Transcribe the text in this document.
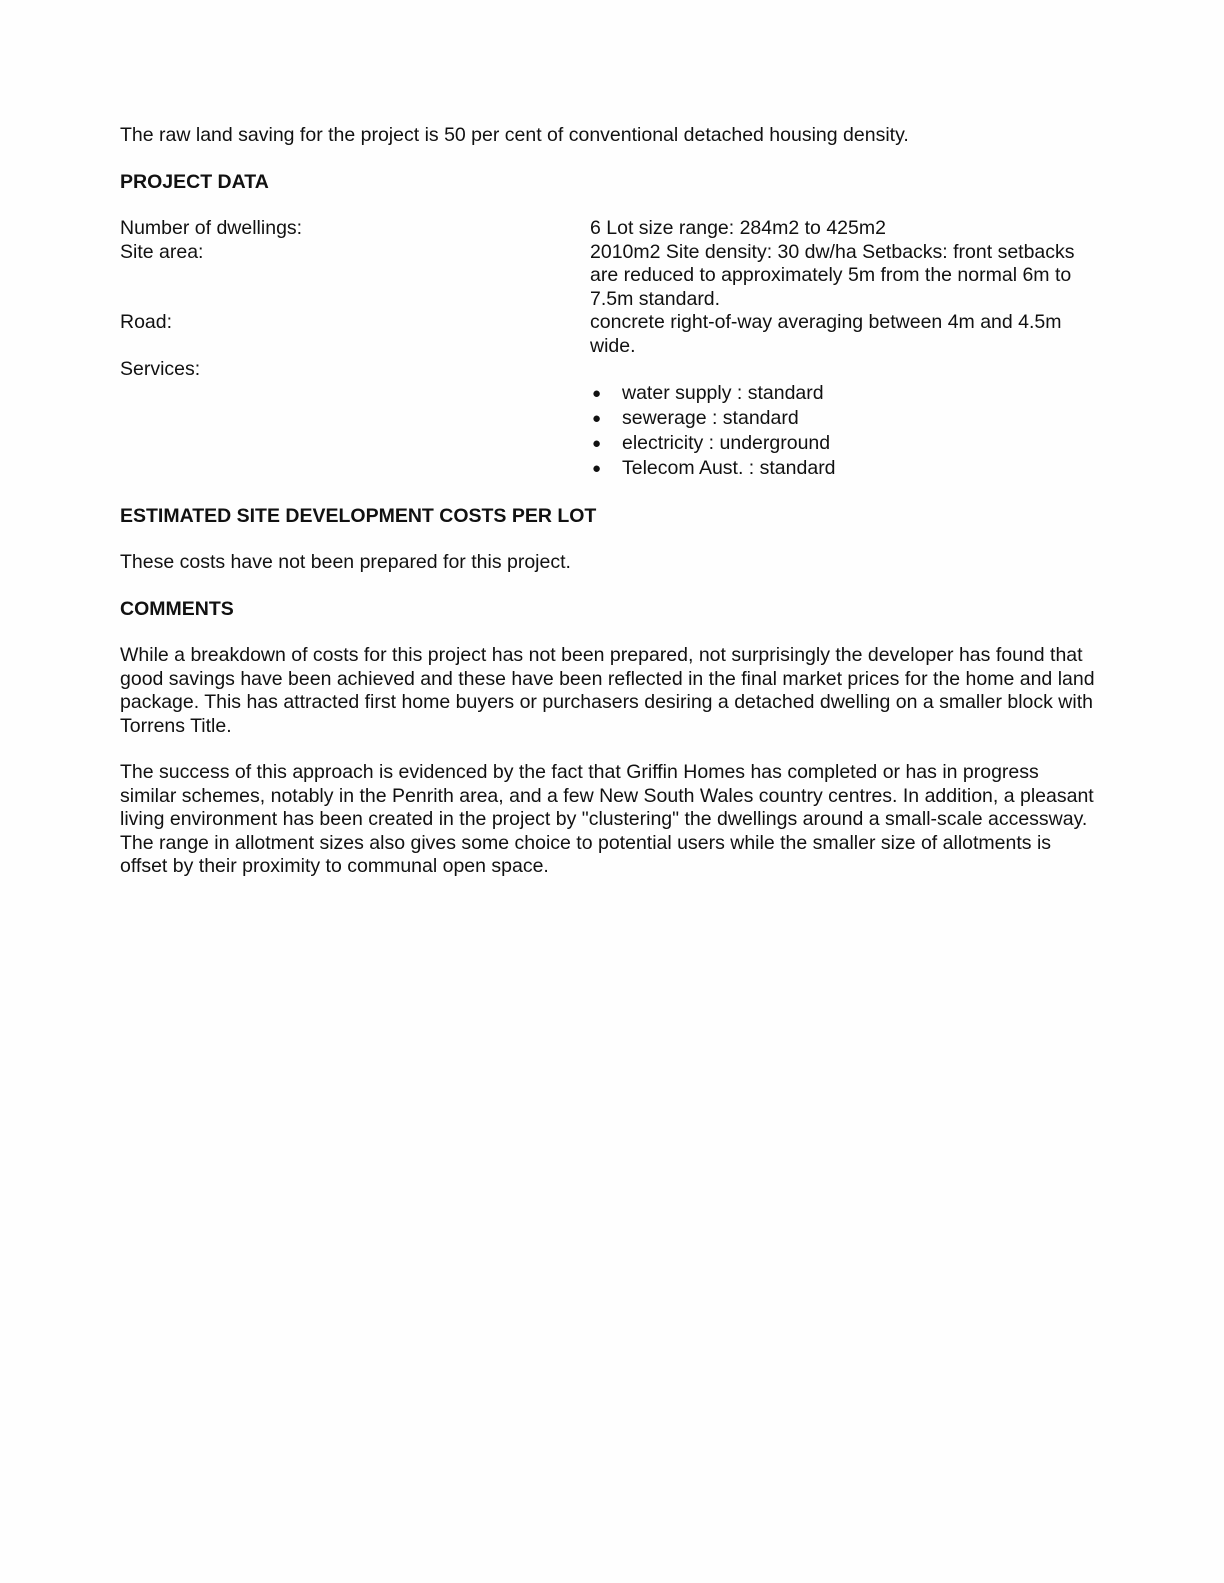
The raw land saving for the project is 50 per cent of conventional detached housing density.

PROJECT DATA

Number of dwellings:	6 Lot size range: 284m2 to 425m2
Site area:	2010m2 Site density: 30 dw/ha Setbacks: front setbacks are reduced to approximately 5m from the normal 6m to 7.5m standard.
Road:	concrete right-of-way averaging between 4m and 4.5m wide.
Services:
●	water supply : standard
●	sewerage : standard
●	electricity : underground
●	Telecom Aust. : standard

ESTIMATED SITE DEVELOPMENT COSTS PER LOT

These costs have not been prepared for this project.

COMMENTS

While a breakdown of costs for this project has not been prepared, not surprisingly the developer has found that good savings have been achieved and these have been reflected in the final market prices for the home and land package. This has attracted first home buyers or purchasers desiring a detached dwelling on a smaller block with Torrens Title.

The success of this approach is evidenced by the fact that Griffin Homes has completed or has in progress similar schemes, notably in the Penrith area, and a few New South Wales country centres. In addition, a pleasant living environment has been created in the project by "clustering" the dwellings around a small-scale accessway. The range in allotment sizes also gives some choice to potential users while the smaller size of allotments is offset by their proximity to communal open space.
